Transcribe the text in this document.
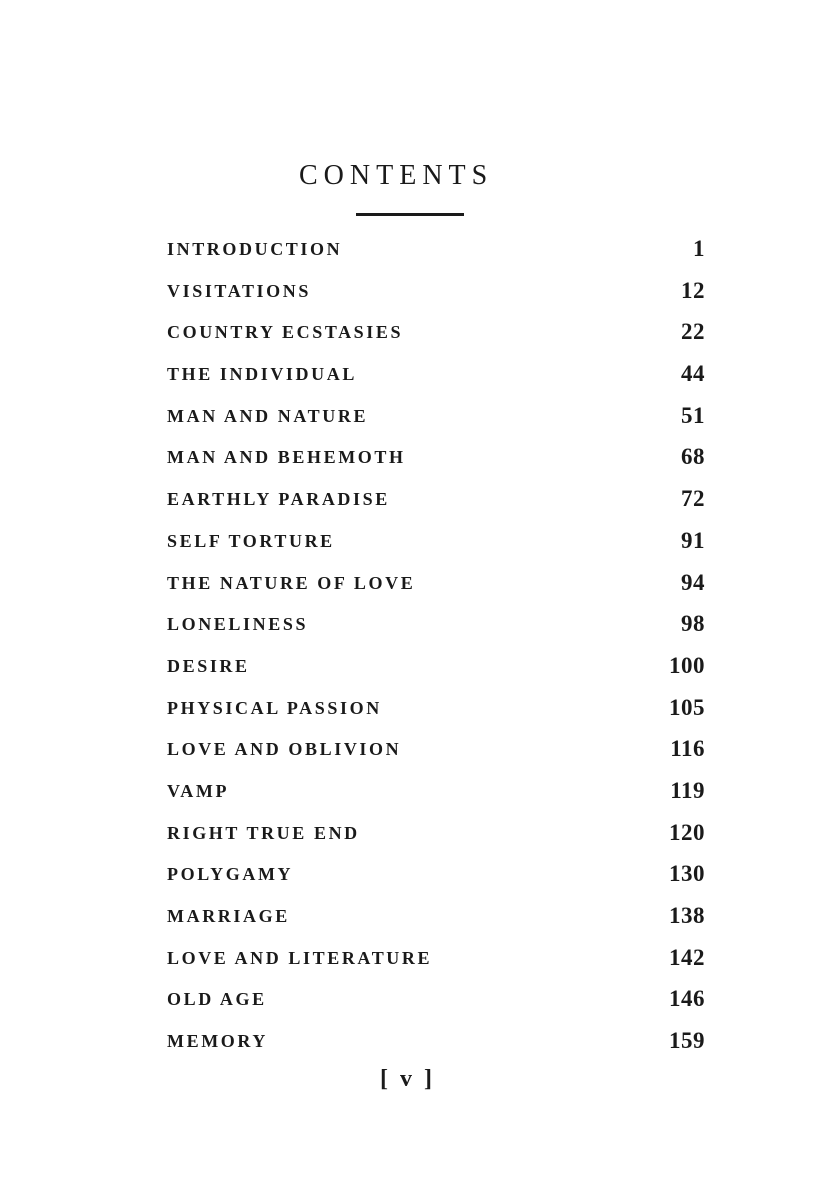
CONTENTS
INTRODUCTION	1
VISITATIONS	12
COUNTRY ECSTASIES	22
THE INDIVIDUAL	44
MAN AND NATURE	51
MAN AND BEHEMOTH	68
EARTHLY PARADISE	72
SELF TORTURE	91
THE NATURE OF LOVE	94
LONELINESS	98
DESIRE	100
PHYSICAL PASSION	105
LOVE AND OBLIVION	116
VAMP	119
RIGHT TRUE END	120
POLYGAMY	130
MARRIAGE	138
LOVE AND LITERATURE	142
OLD AGE	146
MEMORY	159
[ v ]
